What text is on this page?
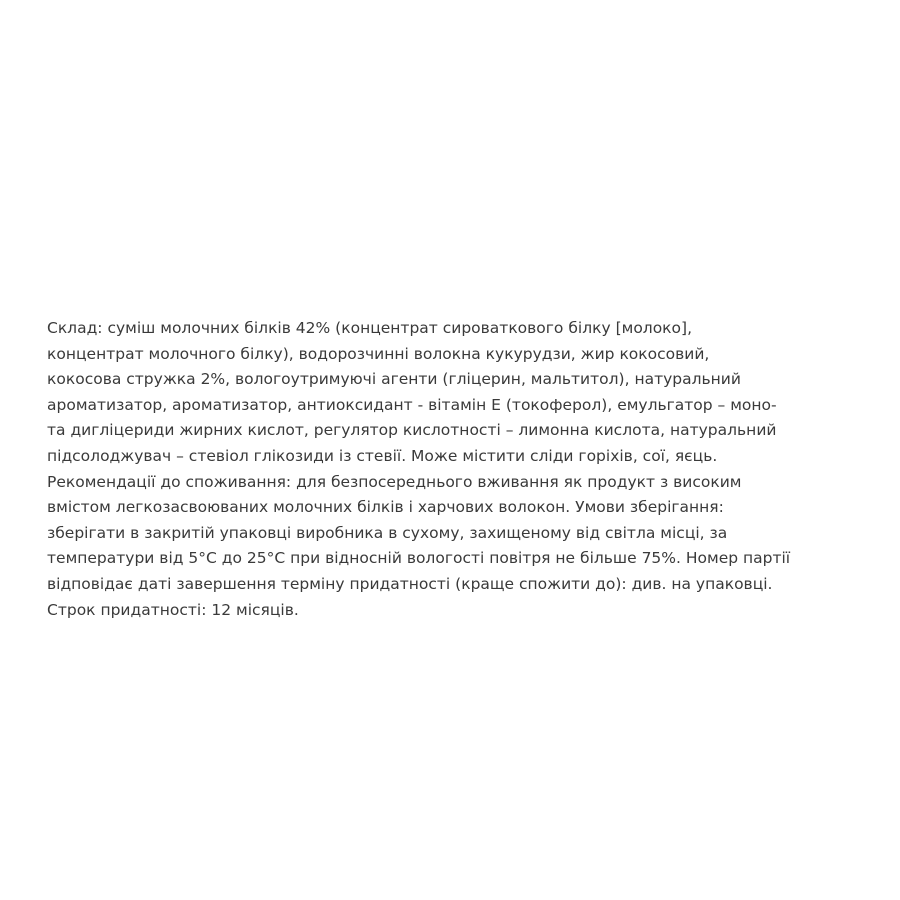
Склад: суміш молочних білків 42% (концентрат сироваткового білку [молоко],
концентрат молочного білку), водорозчинні волокна кукурудзи, жир кокосовий,
кокосова стружка 2%, вологоутримуючі агенти (гліцерин, мальтитол), натуральний
ароматизатор, ароматизатор, антиоксидант - вітамін Е (токоферол), емульгатор – моно-
та дигліцериди жирних кислот, регулятор кислотності – лимонна кислота, натуральний
підсолоджувач – стевіол глікозиди із стевії. Може містити сліди горіхів, сої, яєць.
Рекомендації до споживання: для безпосереднього вживання як продукт з високим
вмістом легкозасвоюваних молочних білків і харчових волокон. Умови зберігання:
зберігати в закритій упаковці виробника в сухому, захищеному від світла місці, за
температури від 5°C до 25°C при відносній вологості повітря не більше 75%. Номер партії
відповідає даті завершення терміну придатності (краще спожити до): див. на упаковці.
Строк придатності: 12 місяців.
